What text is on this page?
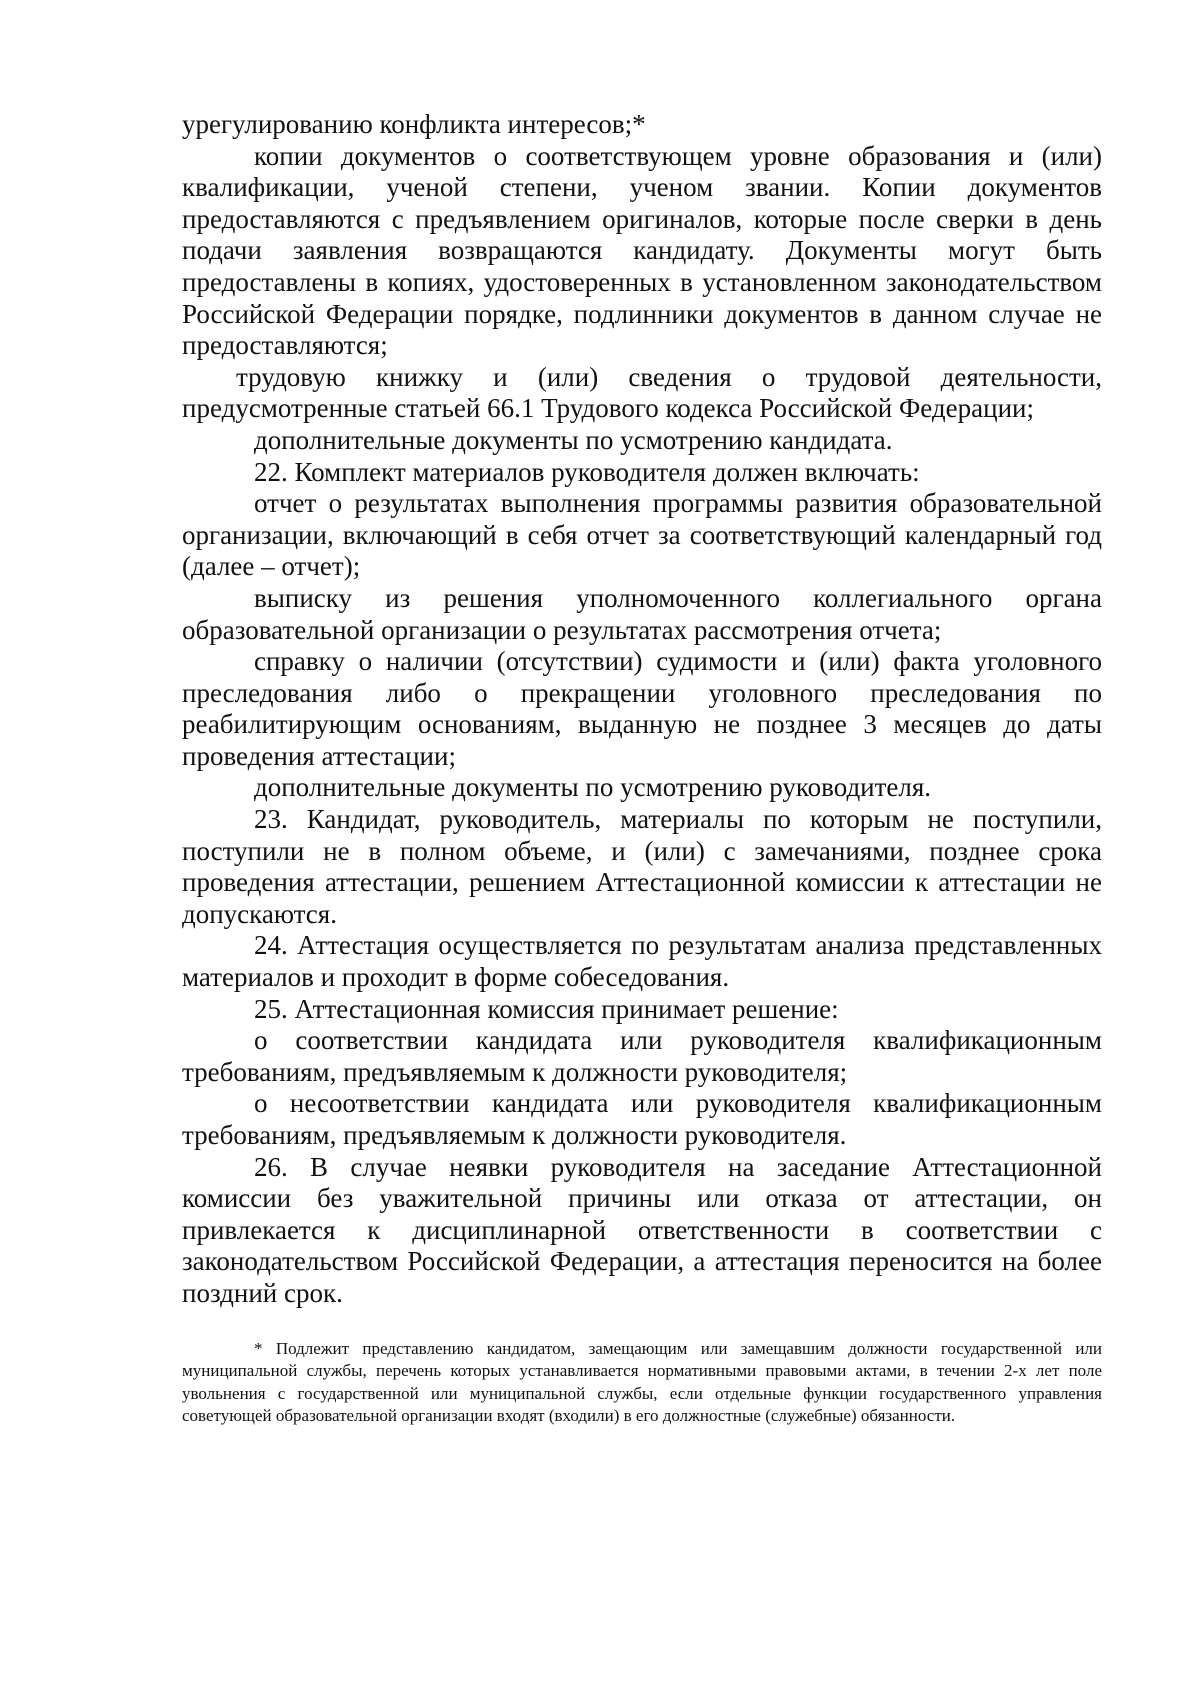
урегулированию конфликта интересов;*

копии документов о соответствующем уровне образования и (или) квалификации, ученой степени, ученом звании. Копии документов предоставляются с предъявлением оригиналов, которые после сверки в день подачи заявления возвращаются кандидату. Документы могут быть предоставлены в копиях, удостоверенных в установленном законодательством Российской Федерации порядке, подлинники документов в данном случае не предоставляются;

трудовую книжку и (или) сведения о трудовой деятельности, предусмотренные статьей 66.1 Трудового кодекса Российской Федерации;

дополнительные документы по усмотрению кандидата.

22. Комплект материалов руководителя должен включать:

отчет о результатах выполнения программы развития образовательной организации, включающий в себя отчет за соответствующий календарный год (далее – отчет);

выписку из решения уполномоченного коллегиального органа образовательной организации о результатах рассмотрения отчета;

справку о наличии (отсутствии) судимости и (или) факта уголовного преследования либо о прекращении уголовного преследования по реабилитирующим основаниям, выданную не позднее 3 месяцев до даты проведения аттестации;

дополнительные документы по усмотрению руководителя.

23. Кандидат, руководитель, материалы по которым не поступили, поступили не в полном объеме, и (или) с замечаниями, позднее срока проведения аттестации, решением Аттестационной комиссии к аттестации не допускаются.

24. Аттестация осуществляется по результатам анализа представленных материалов и проходит в форме собеседования.

25. Аттестационная комиссия принимает решение:

о соответствии кандидата или руководителя квалификационным требованиям, предъявляемым к должности руководителя;

о несоответствии кандидата или руководителя квалификационным требованиям, предъявляемым к должности руководителя.

26. В случае неявки руководителя на заседание Аттестационной комиссии без уважительной причины или отказа от аттестации, он привлекается к дисциплинарной ответственности в соответствии с законодательством Российской Федерации, а аттестация переносится на более поздний срок.

* Подлежит представлению кандидатом, замещающим или замещавшим должности государственной или муниципальной службы, перечень которых устанавливается нормативными правовыми актами, в течении 2-х лет поле увольнения с государственной или муниципальной службы, если отдельные функции государственного управления советующей образовательной организации входят (входили) в его должностные (служебные) обязанности.
